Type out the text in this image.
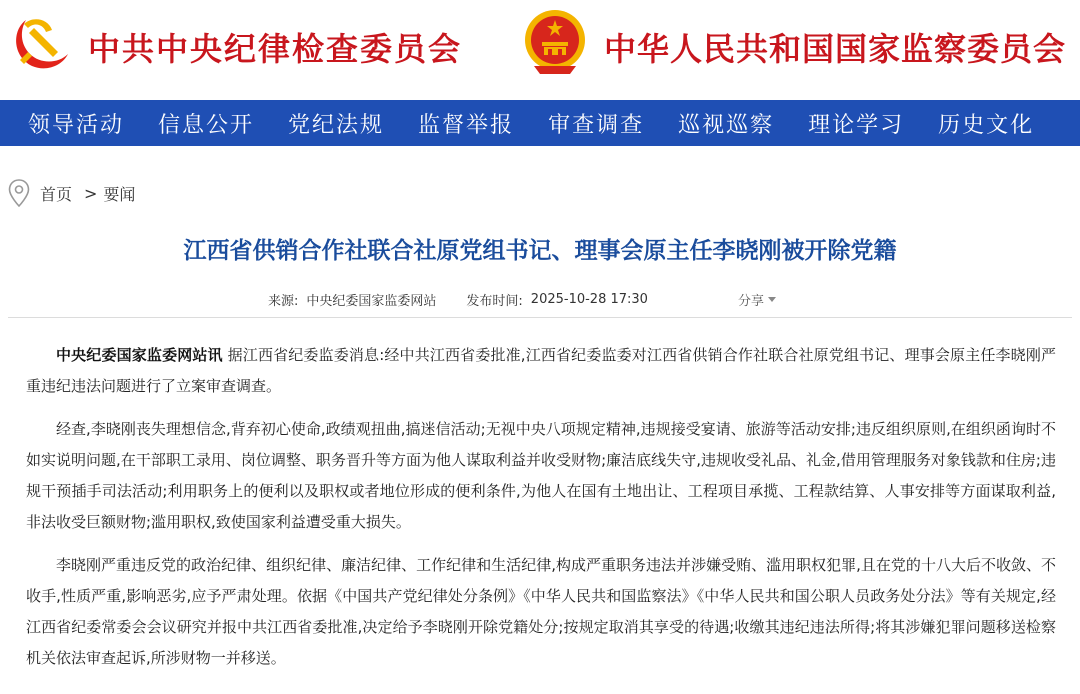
中共中央纪律检查委员会	中华人民共和国国家监察委员会
领导活动 信息公开 党纪法规 监督举报 审查调查 巡视巡察 理论学习 历史文化
首页 > 要闻
江西省供销合作社联合社原党组书记、理事会原主任李晓刚被开除党籍
来源: 中央纪委国家监委网站 发布时间: 2025-10-28 17:30	分享

中央纪委国家监委网站讯 据江西省纪委监委消息:经中共江西省委批准,江西省纪委监委对江西省供销合作社联合社原党组书记、理事会原主任李晓刚严重违纪违法问题进行了立案审查调查。

经查,李晓刚丧失理想信念,背弃初心使命,政绩观扭曲,搞迷信活动;无视中央八项规定精神,违规接受宴请、旅游等活动安排;违反组织原则,在组织函询时不如实说明问题,在干部职工录用、岗位调整、职务晋升等方面为他人谋取利益并收受财物;廉洁底线失守,违规收受礼品、礼金,借用管理服务对象钱款和住房;违规干预插手司法活动;利用职务上的便利以及职权或者地位形成的便利条件,为他人在国有土地出让、工程项目承揽、工程款结算、人事安排等方面谋取利益,非法收受巨额财物;滥用职权,致使国家利益遭受重大损失。

李晓刚严重违反党的政治纪律、组织纪律、廉洁纪律、工作纪律和生活纪律,构成严重职务违法并涉嫌受贿、滥用职权犯罪,且在党的十八大后不收敛、不收手,性质严重,影响恶劣,应予严肃处理。依据《中国共产党纪律处分条例》《中华人民共和国监察法》《中华人民共和国公职人员政务处分法》等有关规定,经江西省纪委常委会会议研究并报中共江西省委批准,决定给予李晓刚开除党籍处分;按规定取消其享受的待遇;收缴其违纪违法所得;将其涉嫌犯罪问题移送检察机关依法审查起诉,所涉财物一并移送。
